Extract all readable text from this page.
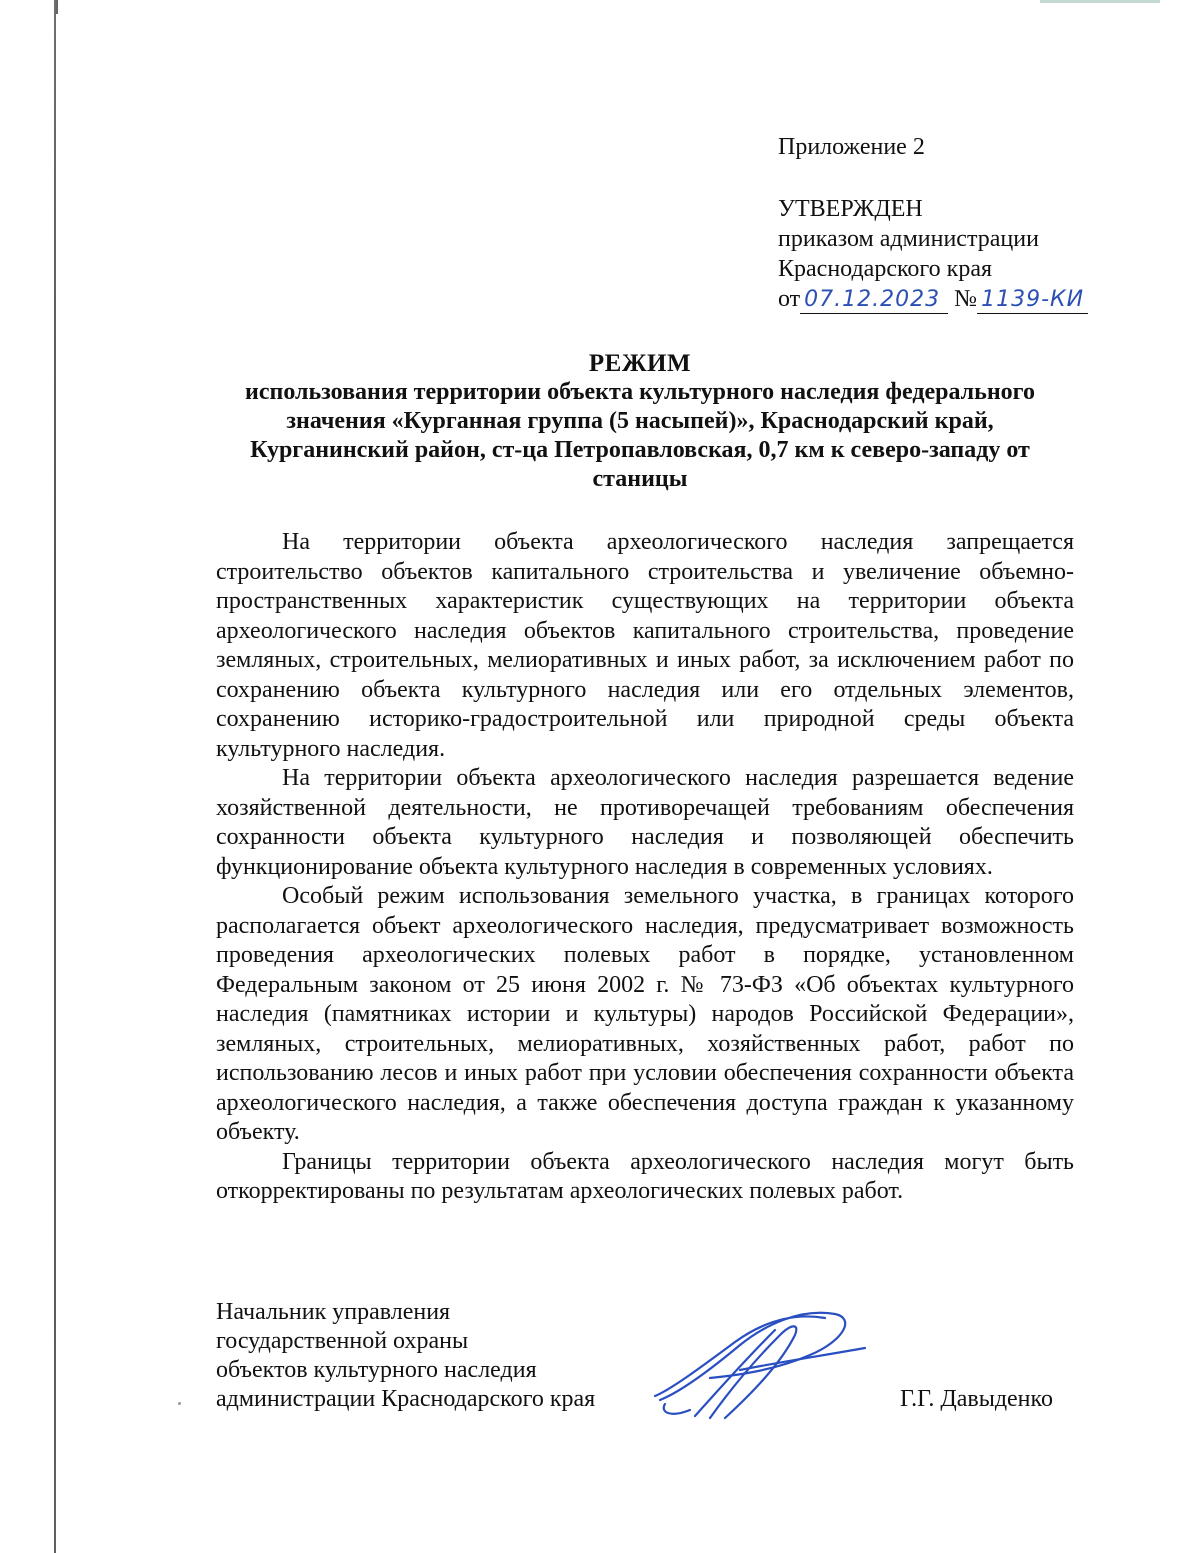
Приложение 2
УТВЕРЖДЕН
приказом администрации
Краснодарского края
от 07.12.2023 № 1139-КИ
РЕЖИМ
использования территории объекта культурного наследия федерального
значения «Курганная группа (5 насыпей)», Краснодарский край,
Курганинский район, ст-ца Петропавловская, 0,7 км к северо-западу от
станицы

На территории объекта археологического наследия запрещается строительство объектов капитального строительства и увеличение объемно-пространственных характеристик существующих на территории объекта археологического наследия объектов капитального строительства, проведение земляных, строительных, мелиоративных и иных работ, за исключением работ по сохранению объекта культурного наследия или его отдельных элементов, сохранению историко-градостроительной или природной среды объекта культурного наследия.

На территории объекта археологического наследия разрешается ведение хозяйственной деятельности, не противоречащей требованиям обеспечения сохранности объекта культурного наследия и позволяющей обеспечить функционирование объекта культурного наследия в современных условиях.

Особый режим использования земельного участка, в границах которого располагается объект археологического наследия, предусматривает возможность проведения археологических полевых работ в порядке, установленном Федеральным законом от 25 июня 2002 г. № 73-ФЗ «Об объектах культурного наследия (памятниках истории и культуры) народов Российской Федерации», земляных, строительных, мелиоративных, хозяйственных работ, работ по использованию лесов и иных работ при условии обеспечения сохранности объекта археологического наследия, а также обеспечения доступа граждан к указанному объекту.

Границы территории объекта археологического наследия могут быть откорректированы по результатам археологических полевых работ.

Начальник управления
государственной охраны
объектов культурного наследия
администрации Краснодарского края	Г.Г. Давыденко
